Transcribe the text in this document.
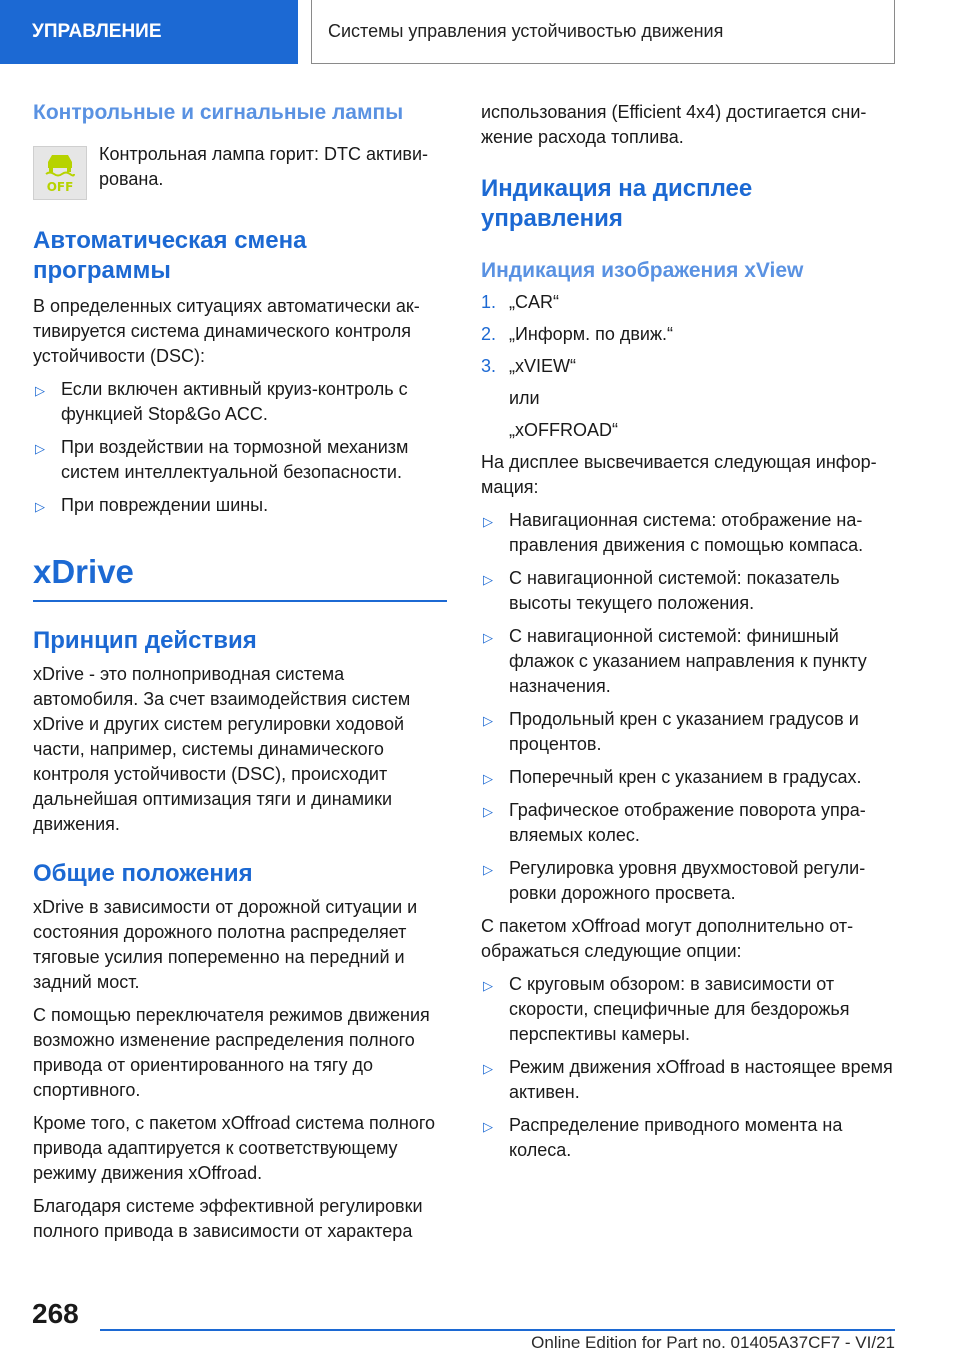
УПРАВЛЕНИЕ	Системы управления устойчивостью движения
Контрольные и сигнальные лампы
OFF

Контрольная лампа горит: DTC активирована.

Автоматическая смена программы

В определенных ситуациях автоматически активируется система динамического контроля устойчивости (DSC):

▷ Если включен активный круиз-контроль с функцией Stop&Go ACC.
▷ При воздействии на тормозной механизм систем интеллектуальной безопасности.
▷ При повреждении шины.
xDrive
Принцип действия

xDrive - это полноприводная система автомобиля. За счет взаимодействия систем xDrive и других систем регулировки ходовой части, например, системы динамического контроля устойчивости (DSC), происходит дальнейшая оптимизация тяги и динамики движения.

Общие положения

xDrive в зависимости от дорожной ситуации и состояния дорожного полотна распределяет тяговые усилия попеременно на передний и задний мост.

С помощью переключателя режимов движения возможно изменение распределения полного привода от ориентированного на тягу до спортивного.

Кроме того, с пакетом xOffroad система полного привода адаптируется к соответствующему режиму движения xOffroad.

Благодаря системе эффективной регулировки полного привода в зависимости от характера

использования (Efficient 4x4) достигается снижение расхода топлива.

Индикация на дисплее управления
Индикация изображения xView
1. „CAR“
2. „Информ. по движ.“
3. „xVIEW“

или

„xOFFROAD“

На дисплее высвечивается следующая информация:

▷ Навигационная система: отображение направления движения с помощью компаса.
▷ С навигационной системой: показатель высоты текущего положения.
▷ С навигационной системой: финишный флажок с указанием направления к пункту назначения.
▷ Продольный крен с указанием градусов и процентов.
▷ Поперечный крен с указанием в градусах.
▷ Графическое отображение поворота управляемых колес.
▷ Регулировка уровня двухмостовой регулировки дорожного просвета.

С пакетом xOffroad могут дополнительно отображаться следующие опции:

▷ С круговым обзором: в зависимости от скорости, специфичные для бездорожья перспективы камеры.
▷ Режим движения xOffroad в настоящее время активен.
▷ Распределение приводного момента на колеса.
268
Online Edition for Part no. 01405A37CF7 - VI/21
